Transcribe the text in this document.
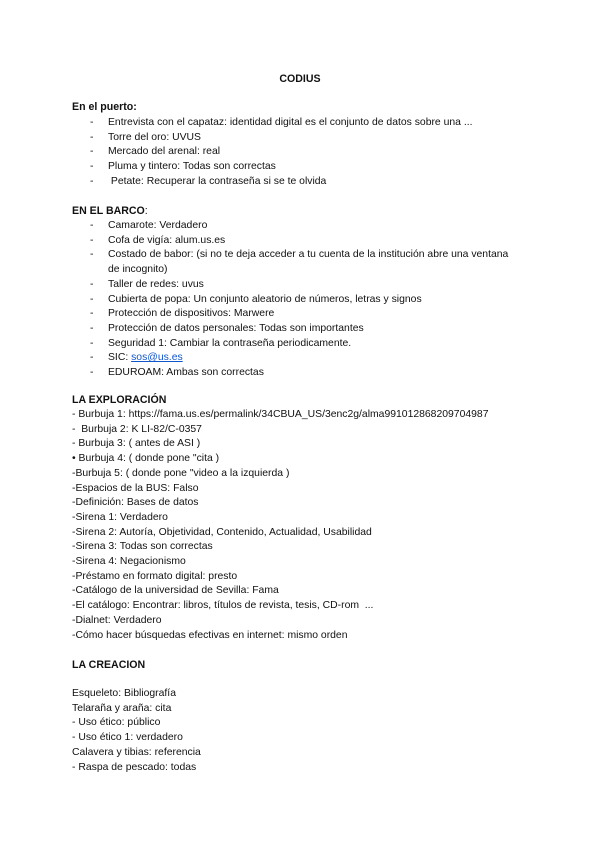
CODIUS
En el puerto:
- Entrevista con el capataz: identidad digital es el conjunto de datos sobre una ...
- Torre del oro: UVUS
- Mercado del arenal: real
- Pluma y tintero: Todas son correctas
-  Petate: Recuperar la contraseña si se te olvida
EN EL BARCO:
- Camarote: Verdadero
- Cofa de vigía: alum.us.es
- Costado de babor: (si no te deja acceder a tu cuenta de la institución abre una ventana de incognito)
- Taller de redes: uvus
- Cubierta de popa: Un conjunto aleatorio de números, letras y signos
- Protección de dispositivos: Marwere
- Protección de datos personales: Todas son importantes
- Seguridad 1: Cambiar la contraseña periodicamente.
- SIC: sos@us.es
- EDUROAM: Ambas son correctas
LA EXPLORACIÓN
- Burbuja 1: https://fama.us.es/permalink/34CBUA_US/3enc2g/alma991012868209704987
-  Burbuja 2: K LI-82/C-0357
- Burbuja 3: ( antes de ASI )
• Burbuja 4: ( donde pone "cita )
-Burbuja 5: ( donde pone "video a la izquierda )
-Espacios de la BUS: Falso
-Definición: Bases de datos
-Sirena 1: Verdadero
-Sirena 2: Autoría, Objetividad, Contenido, Actualidad, Usabilidad
-Sirena 3: Todas son correctas
-Sirena 4: Negacionismo
-Préstamo en formato digital: presto
-Catálogo de la universidad de Sevilla: Fama
-El catálogo: Encontrar: libros, títulos de revista, tesis, CD-rom  ...
-Dialnet: Verdadero
-Cómo hacer búsquedas efectivas en internet: mismo orden
LA CREACION
Esqueleto: Bibliografía
Telaraña y araña: cita
- Uso ético: público
- Uso ético 1: verdadero
Calavera y tibias: referencia
- Raspa de pescado: todas
